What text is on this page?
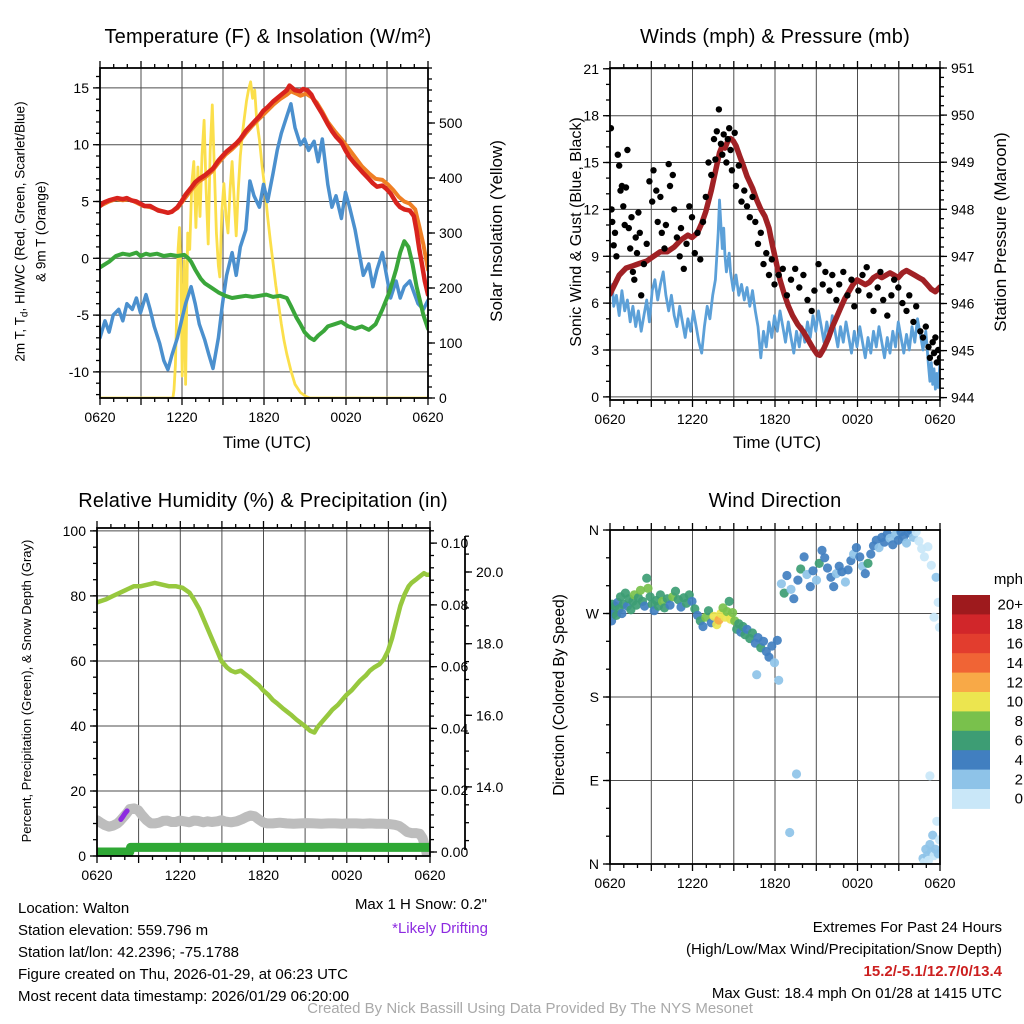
Temperature (F) & Insolation (W/m²)	Winds (mph) & Pressure (mb)
Relative Humidity (%) & Precipitation (in)	Wind Direction
0620	1220	1820	0020	0620
-10
-5
0
5
10
15
0
100
200
300
400
500
0620	1220	1820	0020	0620
0
3
6
9
12
15
18
21
944
945
946
947
948
949
950
951
0620	1220	1820	0020	0620
0
20
40
60
80
100
0.00
0.02
0.04
0.06
0.08
0.10
14.0
16.0
18.0
20.0
0620	1220	1820	0020	0620
N
E
S
W
N
20+
18
16
14
12
10
8
6
4
2
0
mph
2m T, $T_d$, HI/WC (Red, Green, Scarlet/Blue) & 9m T (Orange)	Solar Insolation (Yellow)	Sonic Wind & Gust (Blue, Black)	Station Pressure (Maroon)
Percent, Precipitation (Green), & Snow Depth (Gray)	Direction (Colored By Speed)
Time (UTC)	Time (UTC)
Location: Walton
Station elevation: 559.796 m
Station lat/lon: 42.2396; -75.1788
Figure created on Thu, 2026-01-29, at 06:23 UTC
Most recent data timestamp: 2026/01/29 06:20:00
Max 1 H Snow: 0.2"
*Likely Drifting	Extremes For Past 24 Hours
(High/Low/Max Wind/Precipitation/Snow Depth)
15.2/-5.1/12.7/0/13.4
Max Gust: 18.4 mph On 01/28 at 1415 UTC
Created By Nick Bassill Using Data Provided By The NYS Mesonet
